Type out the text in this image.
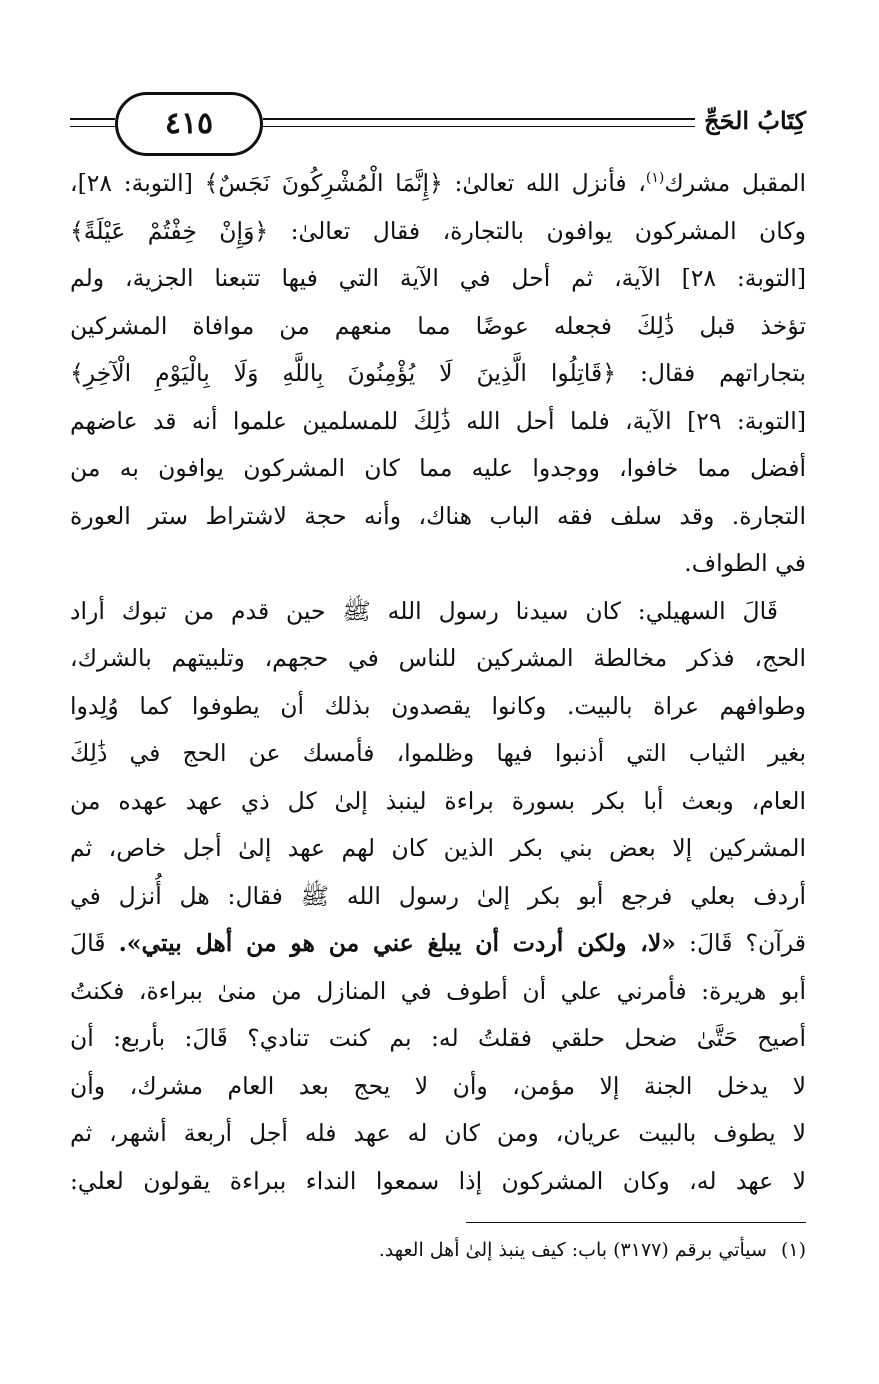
٤١٥	كِتَابُ الحَجِّ
المقبل مشرك$^{(١)}$، فأنزل الله تعالىٰ: ﴿إِنَّمَا الْمُشْرِكُونَ نَجَسٌ﴾ [التوبة: ٢٨]،
وكان المشركون يوافون بالتجارة، فقال تعالىٰ: ﴿وَإِنْ خِفْتُمْ عَيْلَةً﴾
[التوبة: ٢٨] الآية، ثم أحل في الآية التي فيها تتبعنا الجزية، ولم
تؤخذ قبل ذَٰلِكَ فجعله عوضًا مما منعهم من موافاة المشركين
بتجاراتهم فقال: ﴿قَاتِلُوا الَّذِينَ لَا يُؤْمِنُونَ بِاللَّهِ وَلَا بِالْيَوْمِ الْآخِرِ﴾
[التوبة: ٢٩] الآية، فلما أحل الله ذَٰلِكَ للمسلمين علموا أنه قد عاضهم
أفضل مما خافوا، ووجدوا عليه مما كان المشركون يوافون به من
التجارة. وقد سلف فقه الباب هناك، وأنه حجة لاشتراط ستر العورة
في الطواف.
قَالَ السهيلي: كان سيدنا رسول الله ﷺ حين قدم من تبوك أراد
الحج، فذكر مخالطة المشركين للناس في حجهم، وتلبيتهم بالشرك،
وطوافهم عراة بالبيت. وكانوا يقصدون بذلك أن يطوفوا كما وُلِدوا
بغير الثياب التي أذنبوا فيها وظلموا، فأمسك عن الحج في ذَٰلِكَ
العام، وبعث أبا بكر بسورة براءة لينبذ إلىٰ كل ذي عهد عهده من
المشركين إلا بعض بني بكر الذين كان لهم عهد إلىٰ أجل خاص، ثم
أردف بعلي فرجع أبو بكر إلىٰ رسول الله ﷺ فقال: هل أُنزل في
قرآن؟ قَالَ: «لا، ولكن أردت أن يبلغ عني من هو من أهل بيتي». قَالَ
أبو هريرة: فأمرني علي أن أطوف في المنازل من منىٰ ببراءة، فكنتُ
أصيح حَتَّىٰ ضحل حلقي فقلتُ له: بم كنت تنادي؟ قَالَ: بأربع: أن
لا يدخل الجنة إلا مؤمن، وأن لا يحج بعد العام مشرك، وأن
لا يطوف بالبيت عريان، ومن كان له عهد فله أجل أربعة أشهر، ثم
لا عهد له، وكان المشركون إذا سمعوا النداء ببراءة يقولون لعلي:
(١)سيأتي برقم (٣١٧٧) باب: كيف ينبذ إلىٰ أهل العهد.
